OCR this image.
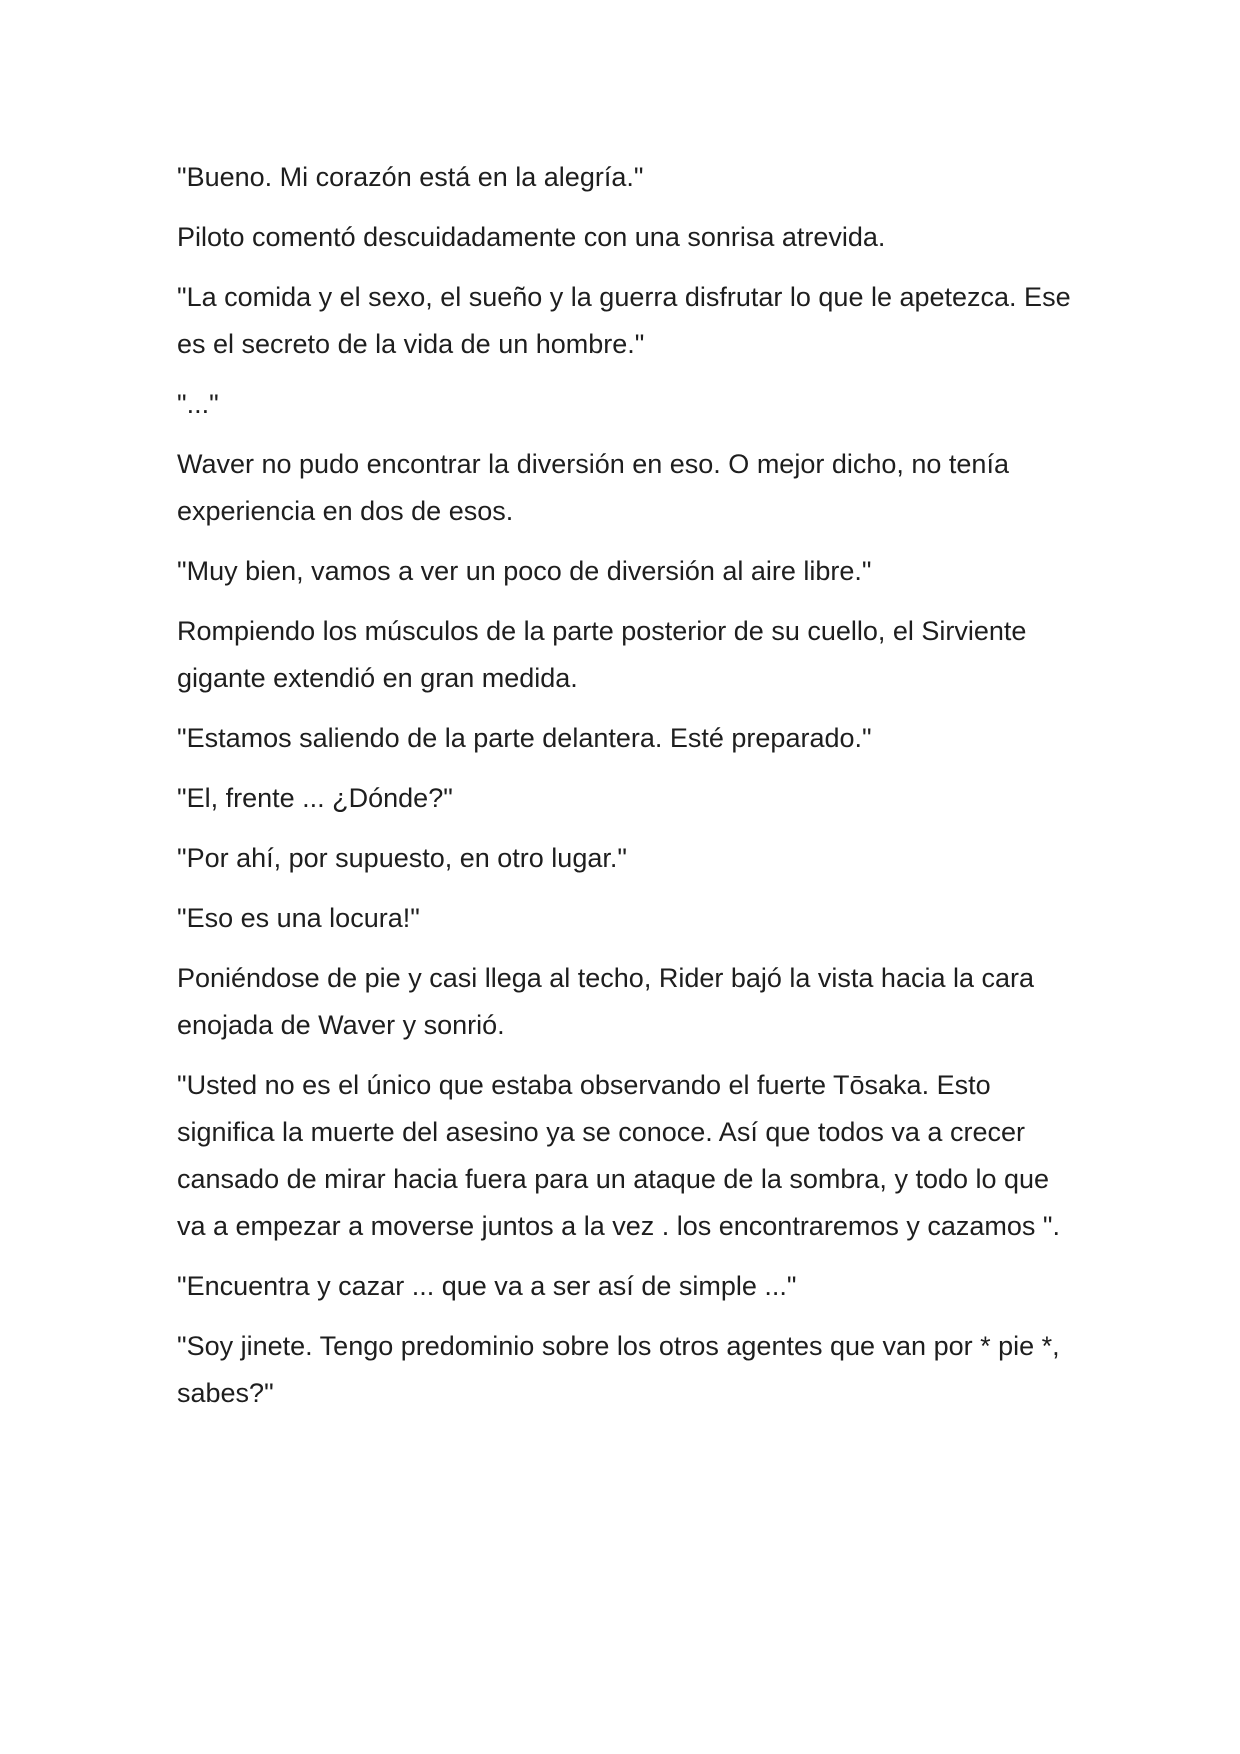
"Bueno. Mi corazón está en la alegría."

Piloto comentó descuidadamente con una sonrisa atrevida.

"La comida y el sexo, el sueño y la guerra disfrutar lo que le apetezca. Ese es el secreto de la vida de un hombre."

"..."

Waver no pudo encontrar la diversión en eso. O mejor dicho, no tenía experiencia en dos de esos.

"Muy bien, vamos a ver un poco de diversión al aire libre."

Rompiendo los músculos de la parte posterior de su cuello, el Sirviente gigante extendió en gran medida.

"Estamos saliendo de la parte delantera. Esté preparado."

"El, frente ... ¿Dónde?"

"Por ahí, por supuesto, en otro lugar."

"Eso es una locura!"

Poniéndose de pie y casi llega al techo, Rider bajó la vista hacia la cara enojada de Waver y sonrió.

"Usted no es el único que estaba observando el fuerte Tōsaka. Esto significa la muerte del asesino ya se conoce. Así que todos va a crecer cansado de mirar hacia fuera para un ataque de la sombra, y todo lo que va a empezar a moverse juntos a la vez . los encontraremos y cazamos ".

"Encuentra y cazar ... que va a ser así de simple ..."

"Soy jinete. Tengo predominio sobre los otros agentes que van por * pie *, sabes?"
